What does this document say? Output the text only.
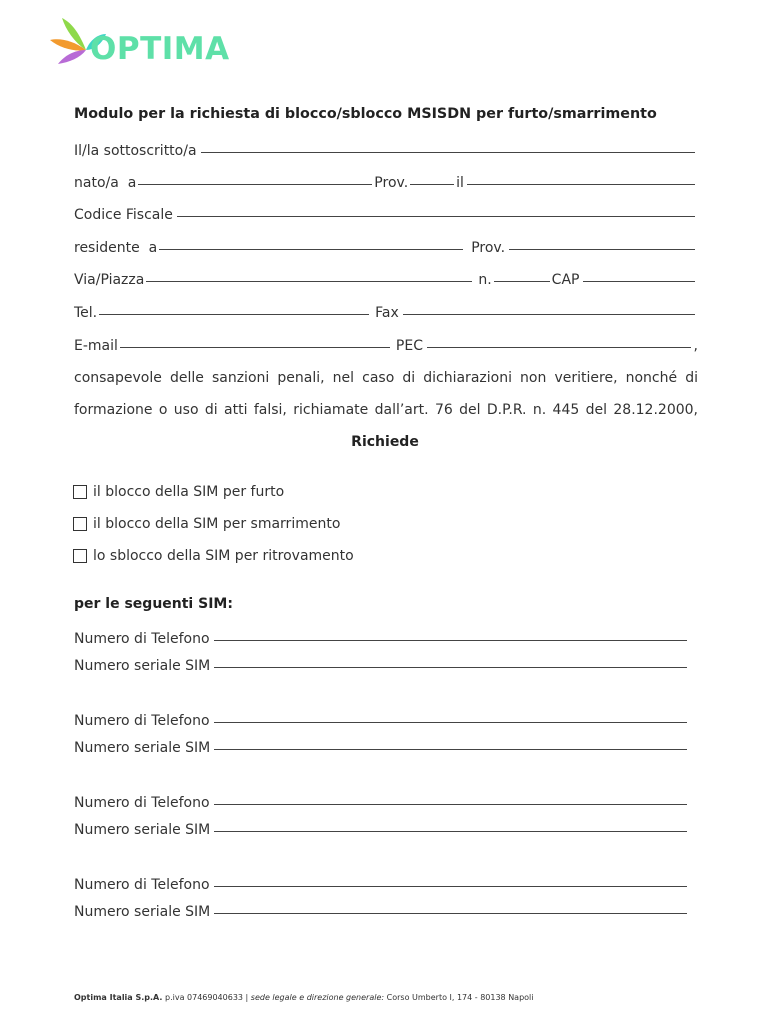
OPTIMA
Modulo per la richiesta di blocco/sblocco MSISDN per furto/smarrimento
Il/la sottoscritto/a
nato/a  a	Prov.	il
Codice Fiscale
residente  a	Prov.
Via/Piazza	n.	CAP
Tel.	Fax
E-mail	PEC	,
consapevole delle sanzioni penali, nel caso di dichiarazioni non veritiere, nonché di
formazione o uso di atti falsi, richiamate dall’art. 76 del D.P.R. n. 445 del 28.12.2000,
Richiede
il blocco della SIM per furto
il blocco della SIM per smarrimento
lo sblocco della SIM per ritrovamento
per le seguenti SIM:
Numero di Telefono
Numero seriale SIM
Numero di Telefono
Numero seriale SIM
Numero di Telefono
Numero seriale SIM
Numero di Telefono
Numero seriale SIM
Optima Italia S.p.A. p.iva 07469040633 | sede legale e direzione generale: Corso Umberto I, 174 - 80138 Napoli
